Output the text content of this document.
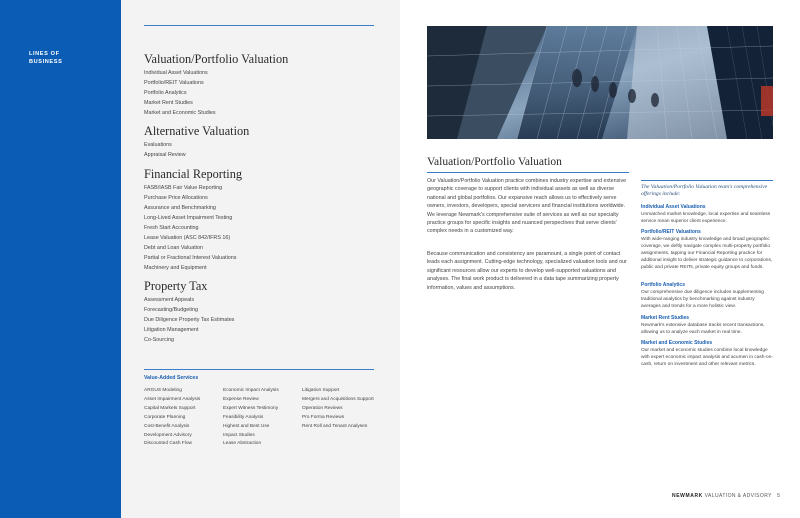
LINES OF BUSINESS	Valuation/Portfolio Valuation
Individual Asset Valuations
Portfolio/REIT Valuations
Portfolio Analytics
Market Rent Studies
Market and Economic Studies
Alternative Valuation
Evaluations
Appraisal Review
Financial Reporting
FASB/IASB Fair Value Reporting
Purchase Price Allocations
Assurance and Benchmarking
Long-Lived Asset Impairment Testing
Fresh Start Accounting
Lease Valuation (ASC 842/IFRS 16)
Debt and Loan Valuation
Partial or Fractional Interest Valuations
Machinery and Equipment
Property Tax
Assessment Appeals
Forecasting/Budgeting
Due Diligence Property Tax Estimates
Litigation Management
Co-Sourcing
Value-Added Services
ARGUS Modeling
Asset Impairment Analysis
Capital Markets Support
Corporate Planning
Cost-Benefit Analysis
Development Advisory
Discounted Cash Flow
Economic Impact Analysis
Expense Review
Expert Witness Testimony
Feasibility Analysis
Highest and Best Use
Impact Studies
Lease Abstraction
Litigation Support
Mergers and Acquisitions Support
Operation Reviews
Pro Forma Reviews
Rent Roll and Tenant Analyses
Valuation/Portfolio Valuation

Our Valuation/Portfolio Valuation practice combines industry expertise and extensive geographic coverage to support clients with individual assets as well as diverse national and global portfolios. Our expansive reach allows us to effectively serve owners, investors, developers, special servicers and financial institutions worldwide. We leverage Newmark's comprehensive suite of services as well as our specialty practice groups for specific insights and nuanced perspectives that serve clients' complex needs in a customized way.

Because communication and consistency are paramount, a single point of contact leads each assignment. Cutting-edge technology, specialized valuation tools and our significant resources allow our experts to develop well-supported valuations and analyses. The final work product is delivered in a data tape summarizing property information, values and assumptions.

The Valuation/Portfolio Valuation team's comprehensive offerings include:
Individual Asset Valuations
Unmatched market knowledge, local expertise and seamless service mean superior client experience.
Portfolio/REIT Valuations
With wide-ranging industry knowledge and broad geographic coverage, we deftly navigate complex multi-property portfolio assignments, tapping our Financial Reporting practice for additional insight to deliver strategic guidance to corporations, public and private REITs, private equity groups and funds.
Portfolio Analytics
Our comprehensive due diligence includes supplementing traditional analytics by benchmarking against industry averages and trends for a more holistic view.
Market Rent Studies
Newmark's extensive database tracks recent transactions, allowing us to analyze each market in real time.
Market and Economic Studies
Our market and economic studies combine local knowledge with expert economic impact analysis and acumen in cash-on-cash, return on investment and other relevant metrics.
NEWMARK VALUATION & ADVISORY 5
